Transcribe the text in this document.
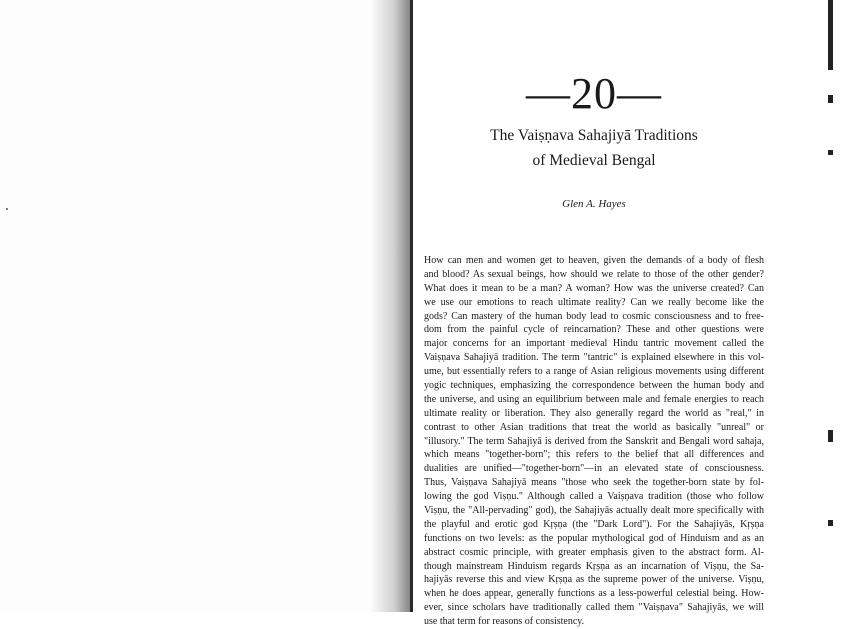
—20—
The Vaiṣṇava Sahajiyā Traditions
of Medieval Bengal
Glen A. Hayes
How can men and women get to heaven, given the demands of a body of flesh
and blood? As sexual beings, how should we relate to those of the other gender?
What does it mean to be a man? A woman? How was the universe created? Can
we use our emotions to reach ultimate reality? Can we really become like the
gods? Can mastery of the human body lead to cosmic consciousness and to free-
dom from the painful cycle of reincarnation? These and other questions were
major concerns for an important medieval Hindu tantric movement called the
Vaiṣṇava Sahajiyā tradition. The term "tantric" is explained elsewhere in this vol-
ume, but essentially refers to a range of Asian religious movements using different
yogic techniques, emphasizing the correspondence between the human body and
the universe, and using an equilibrium between male and female energies to reach
ultimate reality or liberation. They also generally regard the world as "real," in
contrast to other Asian traditions that treat the world as basically "unreal" or
"illusory." The term Sahajiyā is derived from the Sanskrit and Bengali word sahaja,
which means "together-born"; this refers to the belief that all differences and
dualities are unified—"together-born"—in an elevated state of consciousness.
Thus, Vaiṣṇava Sahajiyā means "those who seek the together-born state by fol-
lowing the god Viṣṇu." Although called a Vaiṣṇava tradition (those who follow
Viṣṇu, the "All-pervading" god), the Sahajiyās actually dealt more specifically with
the playful and erotic god Kṛṣṇa (the "Dark Lord"). For the Sahajiyās, Kṛṣṇa
functions on two levels: as the popular mythological god of Hinduism and as an
abstract cosmic principle, with greater emphasis given to the abstract form. Al-
though mainstream Hinduism regards Kṛṣṇa as an incarnation of Viṣṇu, the Sa-
hajiyās reverse this and view Kṛṣṇa as the supreme power of the universe. Viṣṇu,
when he does appear, generally functions as a less-powerful celestial being. How-
ever, since scholars have traditionally called them "Vaiṣṇava" Sahajiyās, we will
use that term for reasons of consistency.
